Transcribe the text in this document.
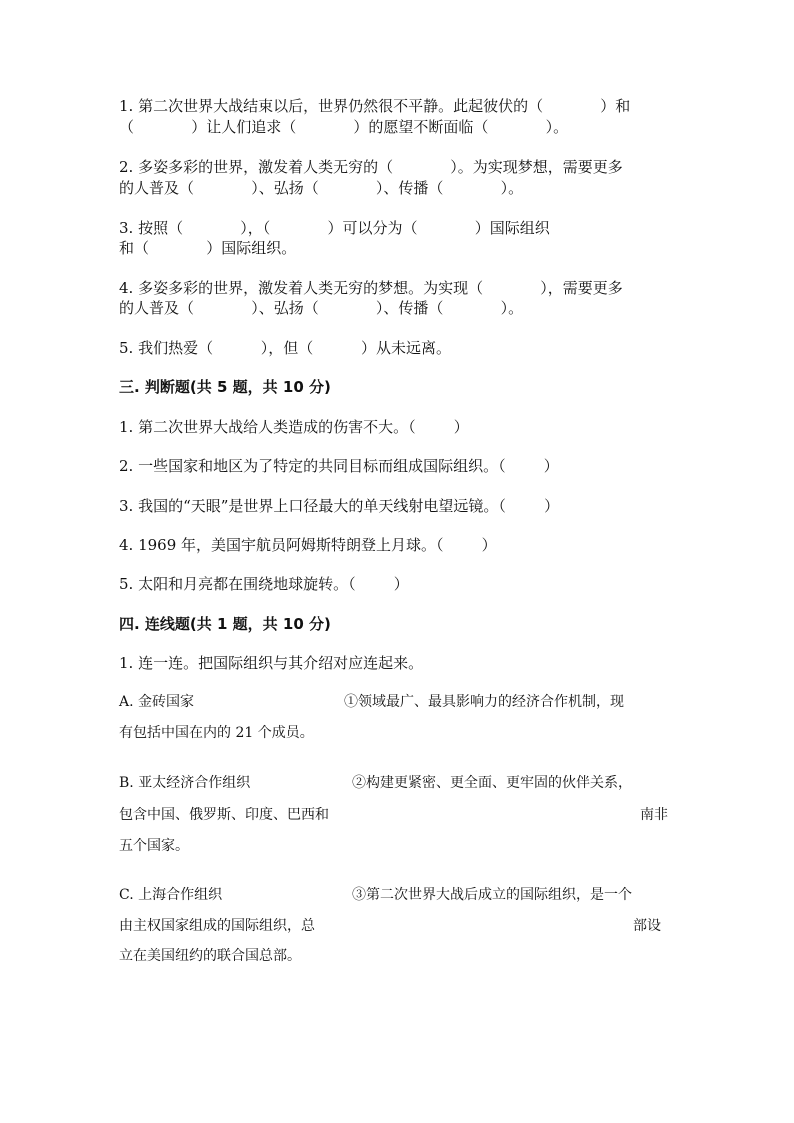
1. 第二次世界大战结束以后，世界仍然很不平静。此起彼伏的（            ）和
（            ）让人们追求（            ）的愿望不断面临（            ）。
2. 多姿多彩的世界，激发着人类无穷的（            ）。为实现梦想，需要更多
的人普及（            ）、弘扬（            ）、传播（            ）。
3. 按照（            ），（            ）可以分为（            ）国际组织
和（            ）国际组织。
4. 多姿多彩的世界，激发着人类无穷的梦想。为实现（            ），需要更多
的人普及（            ）、弘扬（            ）、传播（            ）。
5. 我们热爱（          ），但（          ）从未远离。
三. 判断题(共 5 题，共 10 分)
1. 第二次世界大战给人类造成的伤害不大。（        ）
2. 一些国家和地区为了特定的共同目标而组成国际组织。（        ）
3. 我国的“天眼”是世界上口径最大的单天线射电望远镜。（        ）
4. 1969 年，美国宇航员阿姆斯特朗登上月球。（        ）
5. 太阳和月亮都在围绕地球旋转。（        ）
四. 连线题(共 1 题，共 10 分)
1. 连一连。把国际组织与其介绍对应连起来。
A. 金砖国家	①领域最广、最具影响力的经济合作机制，现
有包括中国在内的 21 个成员。
B. 亚太经济合作组织	②构建更紧密、更全面、更牢固的伙伴关系，
包含中国、俄罗斯、印度、巴西和	南非
五个国家。
C. 上海合作组织	③第二次世界大战后成立的国际组织，是一个
由主权国家组成的国际组织，总	部设
立在美国纽约的联合国总部。
